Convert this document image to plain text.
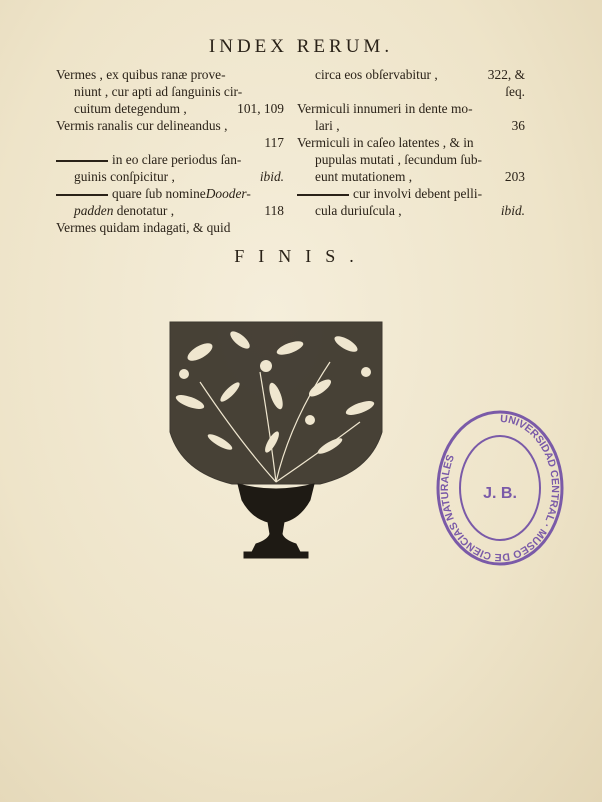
INDEX RERUM.
Vermes , ex quibus ranæ prove-
niunt , cur apti ad ſanguinis cir-
cuitum detegendum ,	101, 109
Vermis ranalis cur delineandus ,
117
in eo clare periodus ſan-
guinis conſpicitur ,	ibid.
quare ſub nomineDooder-
padden denotatur ,	118
Vermes quidam indagati, & quid
circa eos obſervabitur ,	322, &
ſeq.
Vermiculi innumeri in dente mo-
lari ,	36
Vermiculi in caſeo latentes , & in
pupulas mutati , ſecundum ſub-
eunt mutationem ,	203
cur involvi debent pelli-
cula duriuſcula ,	ibid.
FINIS.
UNIVERSIDAD CENTRAL · MUSEO DE CIENCIAS NATURALES
J. B.
